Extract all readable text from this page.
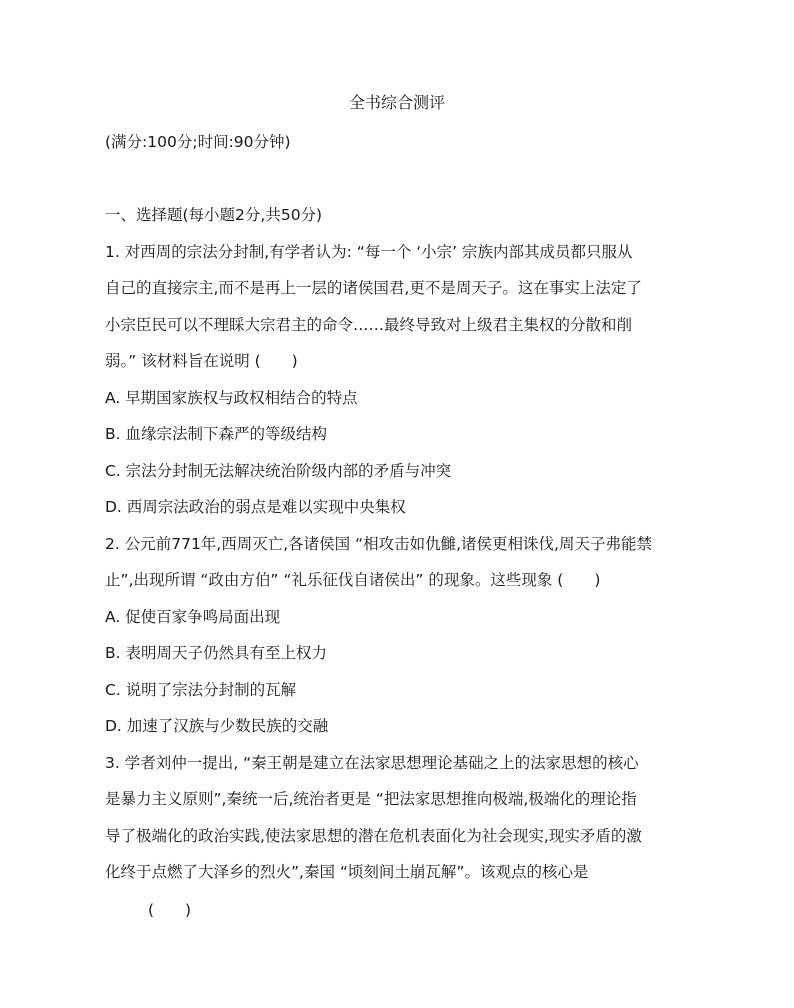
全书综合测评
(满分:100分;时间:90分钟)
一、选择题(每小题2分,共50分)
1. 对西周的宗法分封制,有学者认为: “每一个 ‘小宗’ 宗族内部其成员都只服从
自己的直接宗主,而不是再上一层的诸侯国君,更不是周天子。这在事实上法定了
小宗臣民可以不理睬大宗君主的命令……最终导致对上级君主集权的分散和削
弱。” 该材料旨在说明 (　　)
A. 早期国家族权与政权相结合的特点
B. 血缘宗法制下森严的等级结构
C. 宗法分封制无法解决统治阶级内部的矛盾与冲突
D. 西周宗法政治的弱点是难以实现中央集权
2. 公元前771年,西周灭亡,各诸侯国 “相攻击如仇雠,诸侯更相诛伐,周天子弗能禁
止”,出现所谓 “政由方伯” “礼乐征伐自诸侯出” 的现象。这些现象 (　　)
A. 促使百家争鸣局面出现
B. 表明周天子仍然具有至上权力
C. 说明了宗法分封制的瓦解
D. 加速了汉族与少数民族的交融
3. 学者刘仲一提出, “秦王朝是建立在法家思想理论基础之上的法家思想的核心
是暴力主义原则”,秦统一后,统治者更是 “把法家思想推向极端,极端化的理论指
导了极端化的政治实践,使法家思想的潜在危机表面化为社会现实,现实矛盾的激
化终于点燃了大泽乡的烈火”,秦国 “顷刻间土崩瓦解”。该观点的核心是
(　　)
